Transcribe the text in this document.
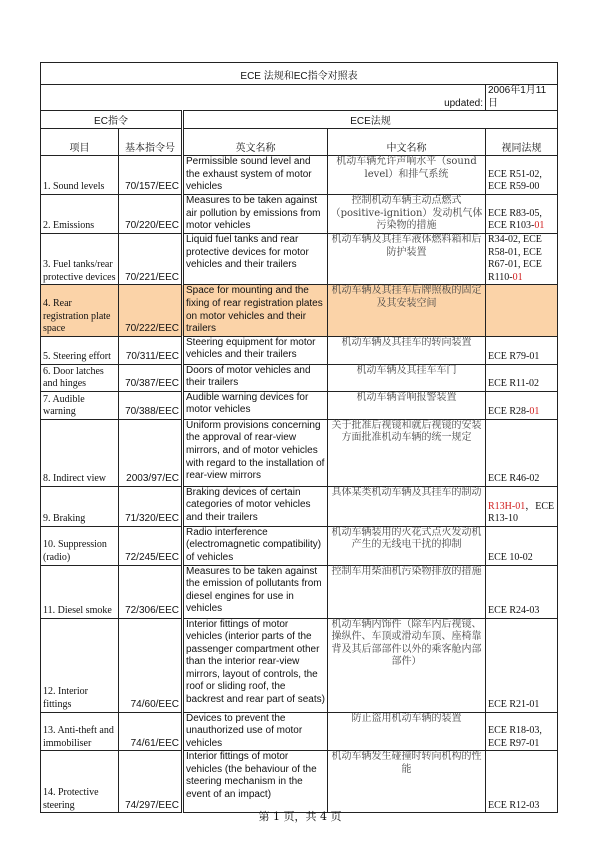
ECE 法规和EC指令对照表				
updated:				2006年1月11日
EC指令		ECE法规		
项目	基本指令号	英文名称	中文名称	视同法规
1. Sound levels	70/157/EEC	Permissible sound level and the exhaust system of motor vehicles	机动车辆允许声响水平（sound level）和排气系统	ECE R51-02, ECE R59-00
2. Emissions	70/220/EEC	Measures to be taken against air pollution by emissions from motor vehicles	控制机动车辆主动点燃式（positive-ignition）发动机气体污染物的措施	ECE R83-05, ECE R103-01
3. Fuel tanks/rear protective devices	70/221/EEC	Liquid fuel tanks and rear protective devices for motor vehicles and their trailers	机动车辆及其挂车液体燃料箱和后防护装置	R34-02, ECE R58-01, ECE R67-01, ECE R110-01
4. Rear registration plate space	70/222/EEC	Space for mounting and the fixing of rear registration plates on motor vehicles and their trailers	机动车辆及其挂车后牌照板的固定及其安装空间	
5. Steering effort	70/311/EEC	Steering equipment for motor vehicles and their trailers	机动车辆及其挂车的转向装置	ECE R79-01
6. Door latches and hinges	70/387/EEC	Doors of motor vehicles and their trailers	机动车辆及其挂车车门	ECE R11-02
7. Audible warning	70/388/EEC	Audible warning devices for motor vehicles	机动车辆音响报警装置	ECE R28-01
8. Indirect view	2003/97/EC	Uniform provisions concerning the approval of rear-view mirrors, and of motor vehicles with regard to the installation of rear-view mirrors	关于批准后视镜和就后视镜的安装方面批准机动车辆的统一规定	ECE R46-02
9. Braking	71/320/EEC	Braking devices of certain categories of motor vehicles and their trailers	具体某类机动车辆及其挂车的制动	R13H-01，ECE R13-10
10. Suppression (radio)	72/245/EEC	Radio interference (electromagnetic compatibility) of vehicles	机动车辆装用的火花式点火发动机产生的无线电干扰的抑制	ECE 10-02
11. Diesel smoke	72/306/EEC	Measures to be taken against the emission of pollutants from diesel engines for use in vehicles	控制车用柴油机污染物排放的措施	ECE R24-03
12. Interior fittings	74/60/EEC	Interior fittings of motor vehicles (interior parts of the passenger compartment other than the interior rear-view mirrors, layout of controls, the roof or sliding roof, the backrest and rear part of seats)	机动车辆内饰件（除车内后视镜、操纵件、车顶或滑动车顶、座椅靠背及其后部部件以外的乘客舱内部部件）	ECE R21-01
13. Anti-theft and immobiliser	74/61/EEC	Devices to prevent the unauthorized use of motor vehicles	防止盗用机动车辆的装置	ECE R18-03, ECE R97-01
14. Protective steering	74/297/EEC	Interior fittings of motor vehicles (the behaviour of the steering mechanism in the event of an impact)	机动车辆发生碰撞时转向机构的性能	ECE R12-03
第 1 页，共 4 页
